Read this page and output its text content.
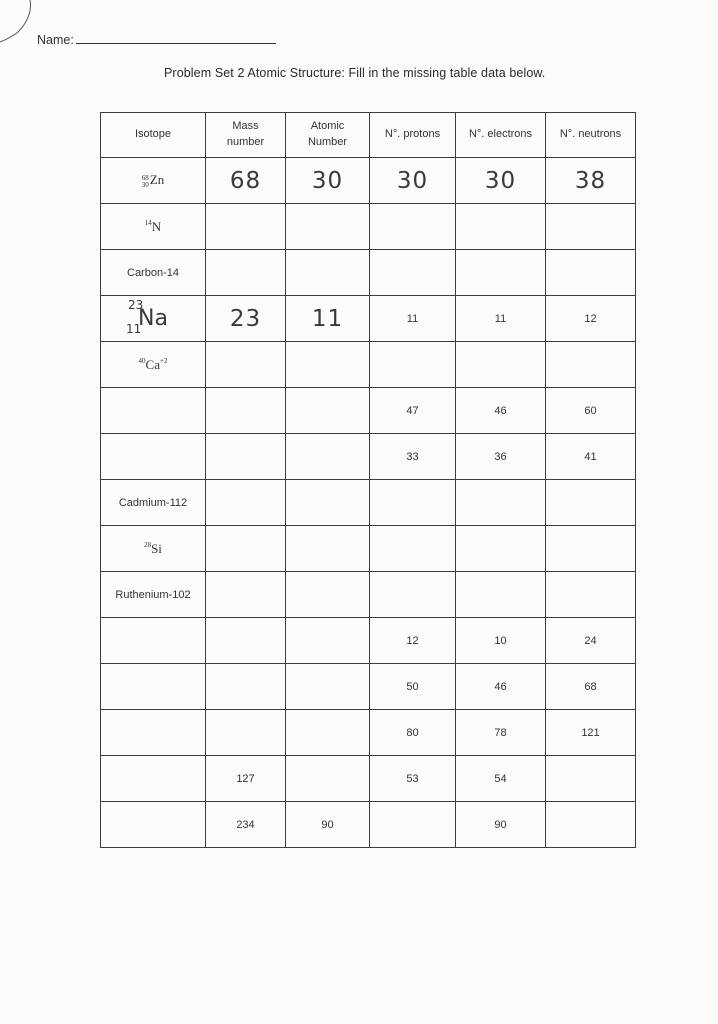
Name:
Problem Set 2 Atomic Structure: Fill in the missing table data below.
Isotope	Mass number	Atomic Number	N°. protons	N°. electrons	N°. neutrons
68
30Zn	68	30	30	30	38
$^{14}$N					
Carbon-14					

23
Na
11	23	11	11	11	12
$^{40}Ca^{+2}$					
			47	46	60
			33	36	41
Cadmium-112					
$^{28}$Si					
Ruthenium-102					
			12	10	24
			50	46	68
			80	78	121
	127		53	54	
	234	90		90	
